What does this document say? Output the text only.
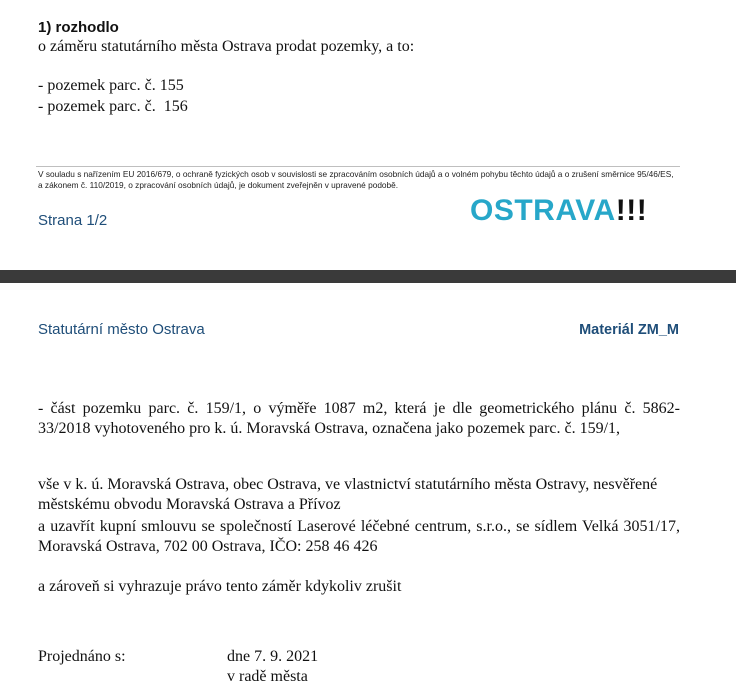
1) rozhodlo
o záměru statutárního města Ostrava prodat pozemky, a to:
- pozemek parc. č. 155
- pozemek parc. č.  156
V souladu s nařízením EU 2016/679, o ochraně fyzických osob v souvislosti se zpracováním osobních údajů a o volném pohybu těchto údajů a o zrušení směrnice 95/46/ES, a zákonem č. 110/2019, o zpracování osobních údajů, je dokument zveřejněn v upravené podobě.
Strana 1/2	OSTRAVA!!!
Statutární město Ostrava	Materiál ZM_M
- část pozemku parc. č. 159/1, o výměře 1087 m2, která je dle geometrického plánu č. 5862-33/2018 vyhotoveného pro k. ú. Moravská Ostrava, označena jako pozemek parc. č. 159/1,
vše v k. ú. Moravská Ostrava, obec Ostrava, ve vlastnictví statutárního města Ostravy, nesvěřené městskému obvodu Moravská Ostrava a Přívoz
a uzavřít kupní smlouvu se společností Laserové léčebné centrum, s.r.o., se sídlem Velká 3051/17, Moravská Ostrava, 702 00 Ostrava, IČO: 258 46 426
a zároveň si vyhrazuje právo tento záměr kdykoliv zrušit
Projednáno s:	dne 7. 9. 2021
v radě města
